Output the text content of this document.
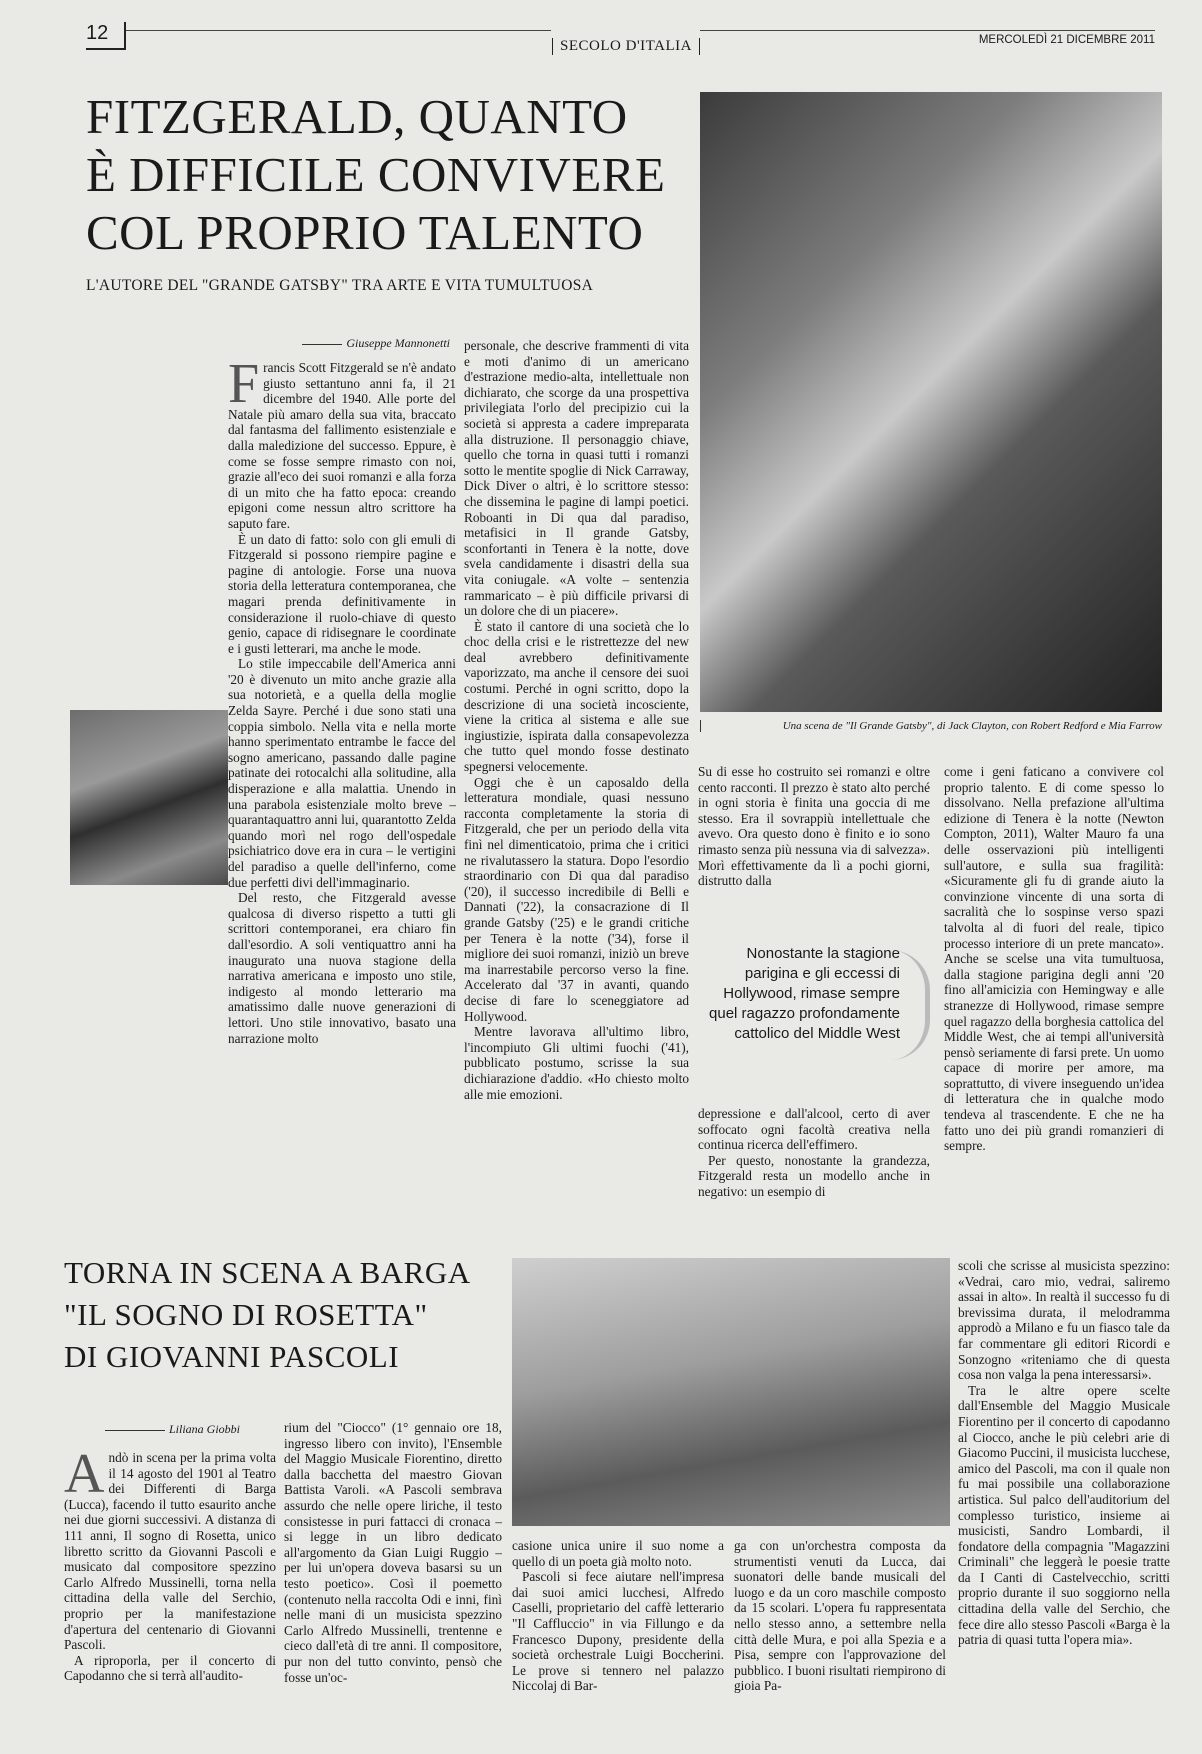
12
SECOLO D'ITALIA	MERCOLEDÌ 21 DICEMBRE 2011
FITZGERALD, QUANTO
È DIFFICILE CONVIVERE
COL PROPRIO TALENTO
L'AUTORE DEL "GRANDE GATSBY" TRA ARTE E VITA TUMULTUOSA
Una scena de "Il Grande Gatsby", di Jack Clayton, con Robert Redford e Mia Farrow
Giuseppe Mannonetti

Francis Scott Fitzgerald se n'è andato giusto settantuno anni fa, il 21 dicembre del 1940. Alle porte del Natale più amaro della sua vita, braccato dal fantasma del fallimento esistenziale e dalla maledizione del successo. Eppure, è come se fosse sempre rimasto con noi, grazie all'eco dei suoi romanzi e alla forza di un mito che ha fatto epoca: creando epigoni come nessun altro scrittore ha saputo fare.

È un dato di fatto: solo con gli emuli di Fitzgerald si possono riempire pagine e pagine di antologie. Forse una nuova storia della letteratura contemporanea, che magari prenda definitivamente in considerazione il ruolo-chiave di questo genio, capace di ridisegnare le coordinate e i gusti letterari, ma anche le mode.

Lo stile impeccabile dell'America anni '20 è divenuto un mito anche grazie alla sua notorietà, e a quella della moglie Zelda Sayre. Perché i due sono stati una coppia simbolo. Nella vita e nella morte hanno sperimentato entrambe le facce del sogno americano, passando dalle pagine patinate dei rotocalchi alla solitudine, alla disperazione e alla malattia. Unendo in una parabola esistenziale molto breve – quarantaquattro anni lui, quarantotto Zelda quando morì nel rogo dell'ospedale psichiatrico dove era in cura – le vertigini del paradiso a quelle dell'inferno, come due perfetti divi dell'immaginario.

Del resto, che Fitzgerald avesse qualcosa di diverso rispetto a tutti gli scrittori contemporanei, era chiaro fin dall'esordio. A soli ventiquattro anni ha inaugurato una nuova stagione della narrativa americana e imposto uno stile, indigesto al mondo letterario ma amatissimo dalle nuove generazioni di lettori. Uno stile innovativo, basato una narrazione molto

personale, che descrive frammenti di vita e moti d'animo di un americano d'estrazione medio-alta, intellettuale non dichiarato, che scorge da una prospettiva privilegiata l'orlo del precipizio cui la società si appresta a cadere impreparata alla distruzione. Il personaggio chiave, quello che torna in quasi tutti i romanzi sotto le mentite spoglie di Nick Carraway, Dick Diver o altri, è lo scrittore stesso: che dissemina le pagine di lampi poetici. Roboanti in Di qua dal paradiso, metafisici in Il grande Gatsby, sconfortanti in Tenera è la notte, dove svela candidamente i disastri della sua vita coniugale. «A volte – sentenzia rammaricato – è più difficile privarsi di un dolore che di un piacere».

È stato il cantore di una società che lo choc della crisi e le ristrettezze del new deal avrebbero definitivamente vaporizzato, ma anche il censore dei suoi costumi. Perché in ogni scritto, dopo la descrizione di una società incosciente, viene la critica al sistema e alle sue ingiustizie, ispirata dalla consapevolezza che tutto quel mondo fosse destinato spegnersi velocemente.

Oggi che è un caposaldo della letteratura mondiale, quasi nessuno racconta completamente la storia di Fitzgerald, che per un periodo della vita finì nel dimenticatoio, prima che i critici ne rivalutassero la statura. Dopo l'esordio straordinario con Di qua dal paradiso ('20), il successo incredibile di Belli e Dannati ('22), la consacrazione di Il grande Gatsby ('25) e le grandi critiche per Tenera è la notte ('34), forse il migliore dei suoi romanzi, iniziò un breve ma inarrestabile percorso verso la fine. Accelerato dal '37 in avanti, quando decise di fare lo sceneggiatore ad Hollywood.

Mentre lavorava all'ultimo libro, l'incompiuto Gli ultimi fuochi ('41), pubblicato postumo, scrisse la sua dichiarazione d'addio. «Ho chiesto molto alle mie emozioni.

Su di esse ho costruito sei romanzi e oltre cento racconti. Il prezzo è stato alto perché in ogni storia è finita una goccia di me stesso. Era il sovrappiù intellettuale che avevo. Ora questo dono è finito e io sono rimasto senza più nessuna via di salvezza». Morì effettivamente da lì a pochi giorni, distrutto dalla

Nonostante la stagione parigina e gli eccessi di Hollywood, rimase sempre quel ragazzo profondamente cattolico del Middle West

depressione e dall'alcool, certo di aver soffocato ogni facoltà creativa nella continua ricerca dell'effimero.

Per questo, nonostante la grandezza, Fitzgerald resta un modello anche in negativo: un esempio di

come i geni faticano a convivere col proprio talento. E di come spesso lo dissolvano. Nella prefazione all'ultima edizione di Tenera è la notte (Newton Compton, 2011), Walter Mauro fa una delle osservazioni più intelligenti sull'autore, e sulla sua fragilità: «Sicuramente gli fu di grande aiuto la convinzione vincente di una sorta di sacralità che lo sospinse verso spazi talvolta al di fuori del reale, tipico processo interiore di un prete mancato». Anche se scelse una vita tumultuosa, dalla stagione parigina degli anni '20 fino all'amicizia con Hemingway e alle stranezze di Hollywood, rimase sempre quel ragazzo della borghesia cattolica del Middle West, che ai tempi all'università pensò seriamente di farsi prete. Un uomo capace di morire per amore, ma soprattutto, di vivere inseguendo un'idea di letteratura che in qualche modo tendeva al trascendente. E che ne ha fatto uno dei più grandi romanzieri di sempre.

TORNA IN SCENA A BARGA
"IL SOGNO DI ROSETTA"
DI GIOVANNI PASCOLI
Liliana Giobbi

Andò in scena per la prima volta il 14 agosto del 1901 al Teatro dei Differenti di Barga (Lucca), facendo il tutto esaurito anche nei due giorni successivi. A distanza di 111 anni, Il sogno di Rosetta, unico libretto scritto da Giovanni Pascoli e musicato dal compositore spezzino Carlo Alfredo Mussinelli, torna nella cittadina della valle del Serchio, proprio per la manifestazione d'apertura del centenario di Giovanni Pascoli.

A riproporla, per il concerto di Capodanno che si terrà all'audito-

rium del "Ciocco" (1° gennaio ore 18, ingresso libero con invito), l'Ensemble del Maggio Musicale Fiorentino, diretto dalla bacchetta del maestro Giovan Battista Varoli. «A Pascoli sembrava assurdo che nelle opere liriche, il testo consistesse in puri fattacci di cronaca – si legge in un libro dedicato all'argomento da Gian Luigi Ruggio – per lui un'opera doveva basarsi su un testo poetico». Così il poemetto (contenuto nella raccolta Odi e inni, finì nelle mani di un musicista spezzino Carlo Alfredo Mussinelli, trentenne e cieco dall'età di tre anni. Il compositore, pur non del tutto convinto, pensò che fosse un'oc-

casione unica unire il suo nome a quello di un poeta già molto noto.

Pascoli si fece aiutare nell'impresa dai suoi amici lucchesi, Alfredo Caselli, proprietario del caffè letterario "Il Caffluccio" in via Fillungo e da Francesco Dupony, presidente della società orchestrale Luigi Boccherini. Le prove si tennero nel palazzo Niccolaj di Bar-

ga con un'orchestra composta da strumentisti venuti da Lucca, dai suonatori delle bande musicali del luogo e da un coro maschile composto da 15 scolari. L'opera fu rappresentata nello stesso anno, a settembre nella città delle Mura, e poi alla Spezia e a Pisa, sempre con l'approvazione del pubblico. I buoni risultati riempirono di gioia Pa-

scoli che scrisse al musicista spezzino: «Vedrai, caro mio, vedrai, saliremo assai in alto». In realtà il successo fu di brevissima durata, il melodramma approdò a Milano e fu un fiasco tale da far commentare gli editori Ricordi e Sonzogno «riteniamo che di questa cosa non valga la pena interessarsi».

Tra le altre opere scelte dall'Ensemble del Maggio Musicale Fiorentino per il concerto di capodanno al Ciocco, anche le più celebri arie di Giacomo Puccini, il musicista lucchese, amico del Pascoli, ma con il quale non fu mai possibile una collaborazione artistica. Sul palco dell'auditorium del complesso turistico, insieme ai musicisti, Sandro Lombardi, il fondatore della compagnia "Magazzini Criminali" che leggerà le poesie tratte da I Canti di Castelvecchio, scritti proprio durante il suo soggiorno nella cittadina della valle del Serchio, che fece dire allo stesso Pascoli «Barga è la patria di quasi tutta l'opera mia».
